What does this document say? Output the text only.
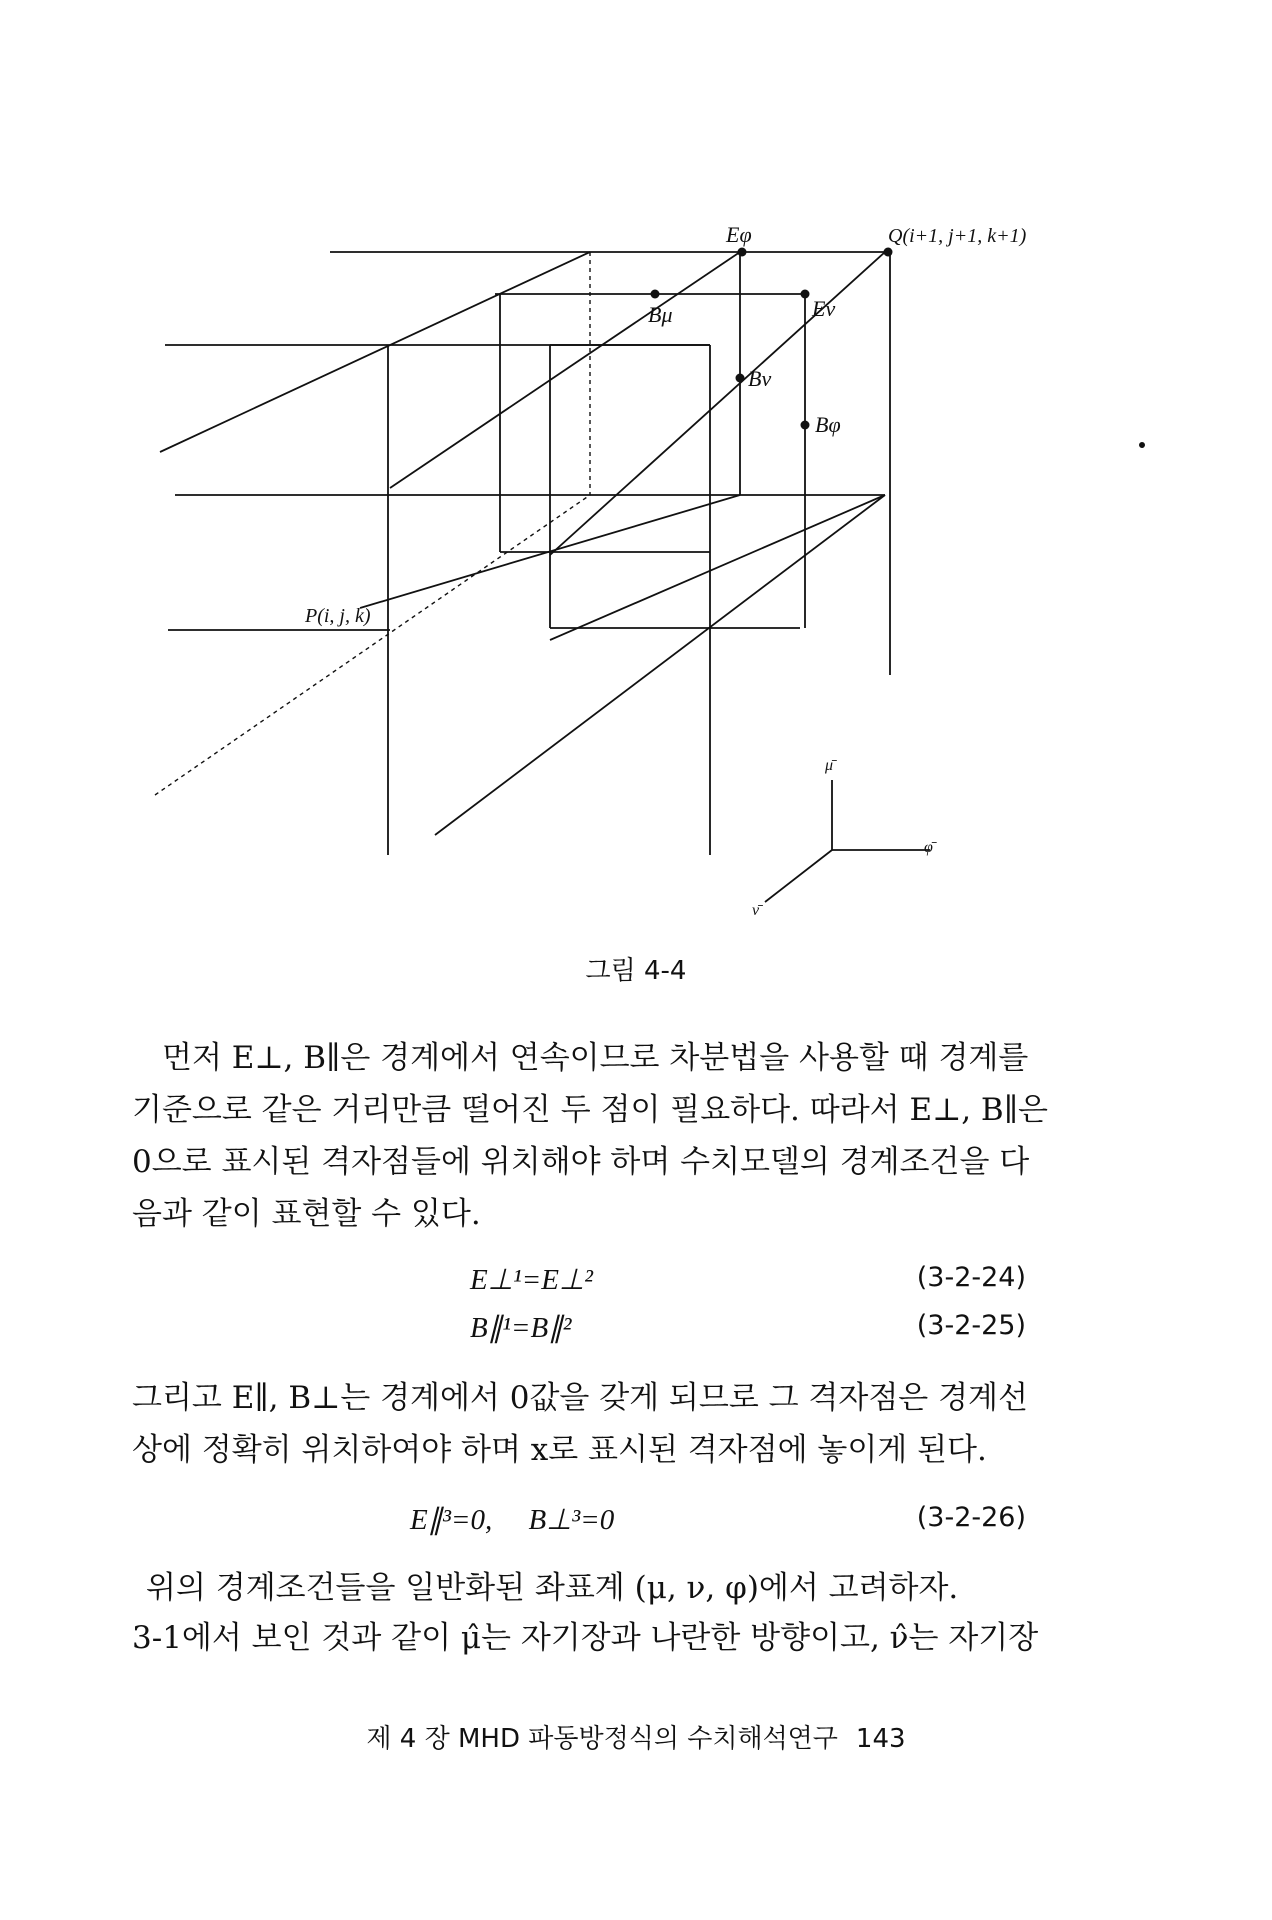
Eφ	Q(i+1, j+1, k+1)
Bμ	Eν
Bν
Bφ
P(i, j, k)
μ̄
φ̄
ν̄
그림 4-4

먼저 E⊥, B∥은 경계에서 연속이므로 차분법을 사용할 때 경계를 기준으로 같은 거리만큼 떨어진 두 점이 필요하다. 따라서 E⊥, B∥은 0으로 표시된 격자점들에 위치해야 하며 수치모델의 경계조건을 다음과 같이 표현할 수 있다.

E⊥¹=E⊥²	(3-2-24)
B∥¹=B∥²	(3-2-25)

그리고 E∥, B⊥는 경계에서 0값을 갖게 되므로 그 격자점은 경계선상에 정확히 위치하여야 하며 x로 표시된 격자점에 놓이게 된다.

E∥³=0,     B⊥³=0	(3-2-26)

위의 경계조건들을 일반화된 좌표계 (μ, ν, φ)에서 고려하자.

3-1에서 보인 것과 같이 μ̂는 자기장과 나란한 방향이고, ν̂는 자기장

제 4 장 MHD 파동방정식의 수치해석연구 143
